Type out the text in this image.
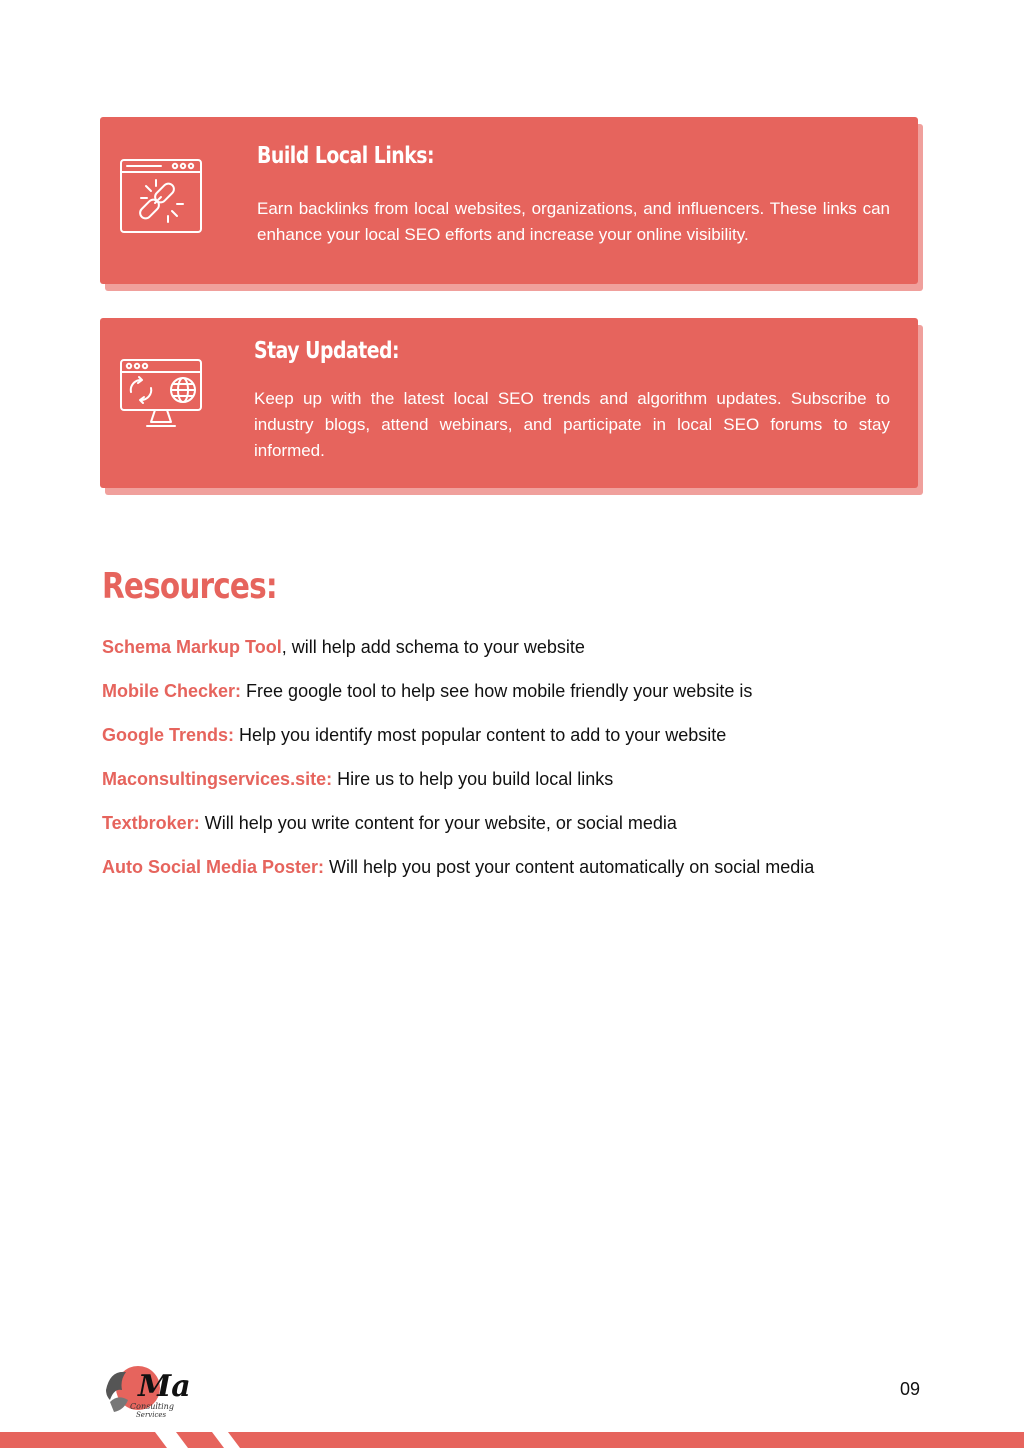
Build Local Links:
Earn backlinks from local websites, organizations, and influencers. These links can enhance your local SEO efforts and increase your online visibility.
Stay Updated:
Keep up with the latest local SEO trends and algorithm updates. Subscribe to industry blogs, attend webinars, and participate in local SEO forums to stay informed.
Resources:
Schema Markup Tool, will help add schema to your website
Mobile Checker: Free google tool to help see how mobile friendly your website is
Google Trends: Help you identify most popular content to add to your website
Maconsultingservices.site: Hire us to help you build local links
Textbroker: Will help you write content for your website, or social media
Auto Social Media Poster: Will help you post your content automatically on social media
Ma
Consulting
Services
09
